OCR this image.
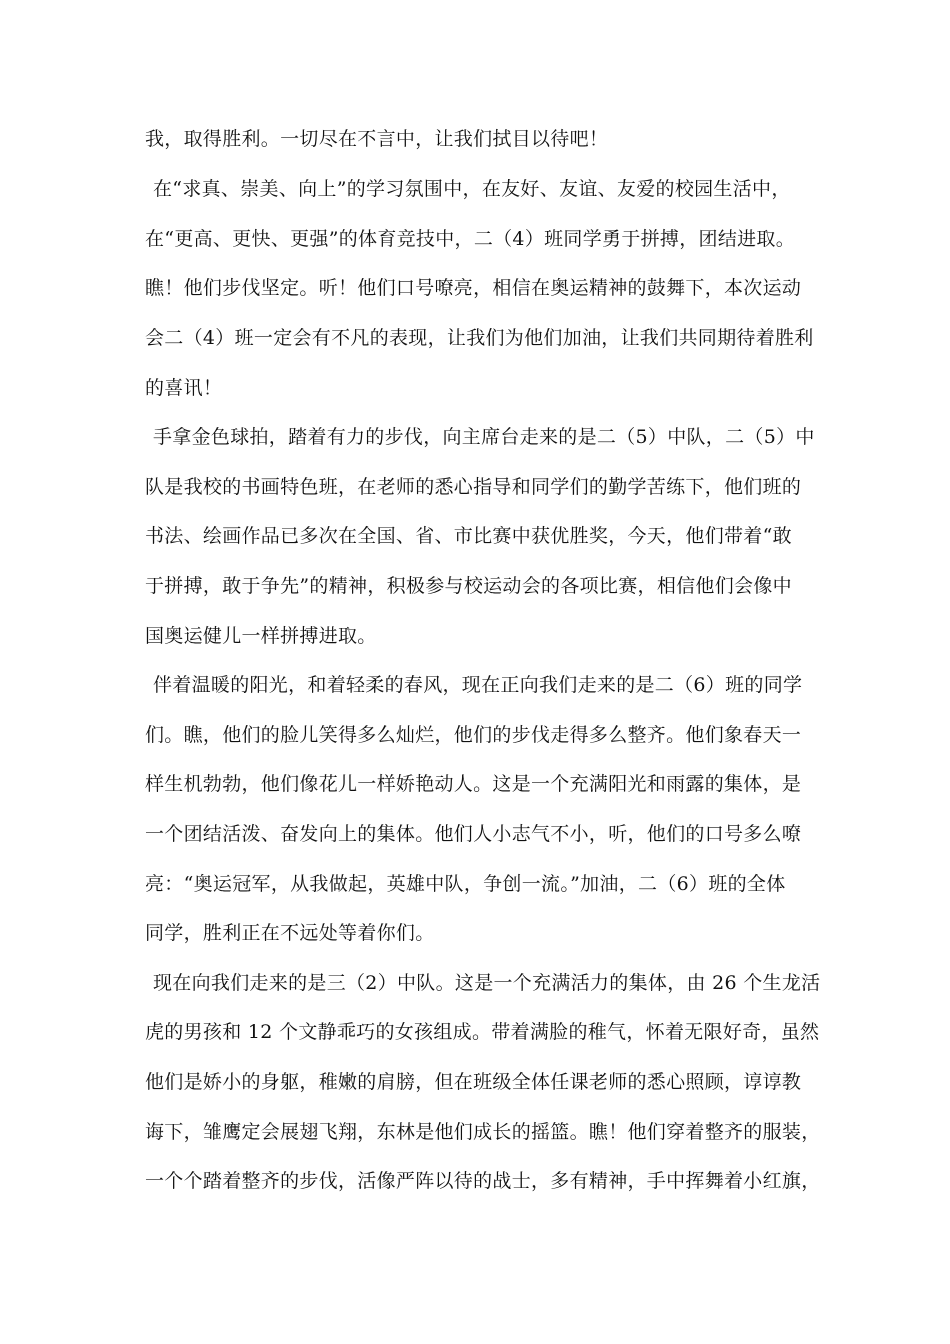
我，取得胜利。一切尽在不言中，让我们拭目以待吧！
在“求真、崇美、向上”的学习氛围中，在友好、友谊、友爱的校园生活中，
在“更高、更快、更强”的体育竞技中，二（4）班同学勇于拼搏，团结进取。
瞧！他们步伐坚定。听！他们口号嘹亮，相信在奥运精神的鼓舞下，本次运动
会二（4）班一定会有不凡的表现，让我们为他们加油，让我们共同期待着胜利
的喜讯！
手拿金色球拍，踏着有力的步伐，向主席台走来的是二（5）中队，二（5）中
队是我校的书画特色班，在老师的悉心指导和同学们的勤学苦练下，他们班的
书法、绘画作品已多次在全国、省、市比赛中获优胜奖，今天，他们带着“敢
于拼搏，敢于争先”的精神，积极参与校运动会的各项比赛，相信他们会像中
国奥运健儿一样拼搏进取。
伴着温暖的阳光，和着轻柔的春风，现在正向我们走来的是二（6）班的同学
们。瞧，他们的脸儿笑得多么灿烂，他们的步伐走得多么整齐。他们象春天一
样生机勃勃，他们像花儿一样娇艳动人。这是一个充满阳光和雨露的集体，是
一个团结活泼、奋发向上的集体。他们人小志气不小，听，他们的口号多么嘹
亮：“奥运冠军，从我做起，英雄中队，争创一流。”加油，二（6）班的全体
同学，胜利正在不远处等着你们。
现在向我们走来的是三（2）中队。这是一个充满活力的集体，由 26 个生龙活
虎的男孩和 12 个文静乖巧的女孩组成。带着满脸的稚气，怀着无限好奇，虽然
他们是娇小的身躯，稚嫩的肩膀，但在班级全体任课老师的悉心照顾，谆谆教
诲下，雏鹰定会展翅飞翔，东林是他们成长的摇篮。瞧！他们穿着整齐的服装，
一个个踏着整齐的步伐，活像严阵以待的战士，多有精神，手中挥舞着小红旗，
